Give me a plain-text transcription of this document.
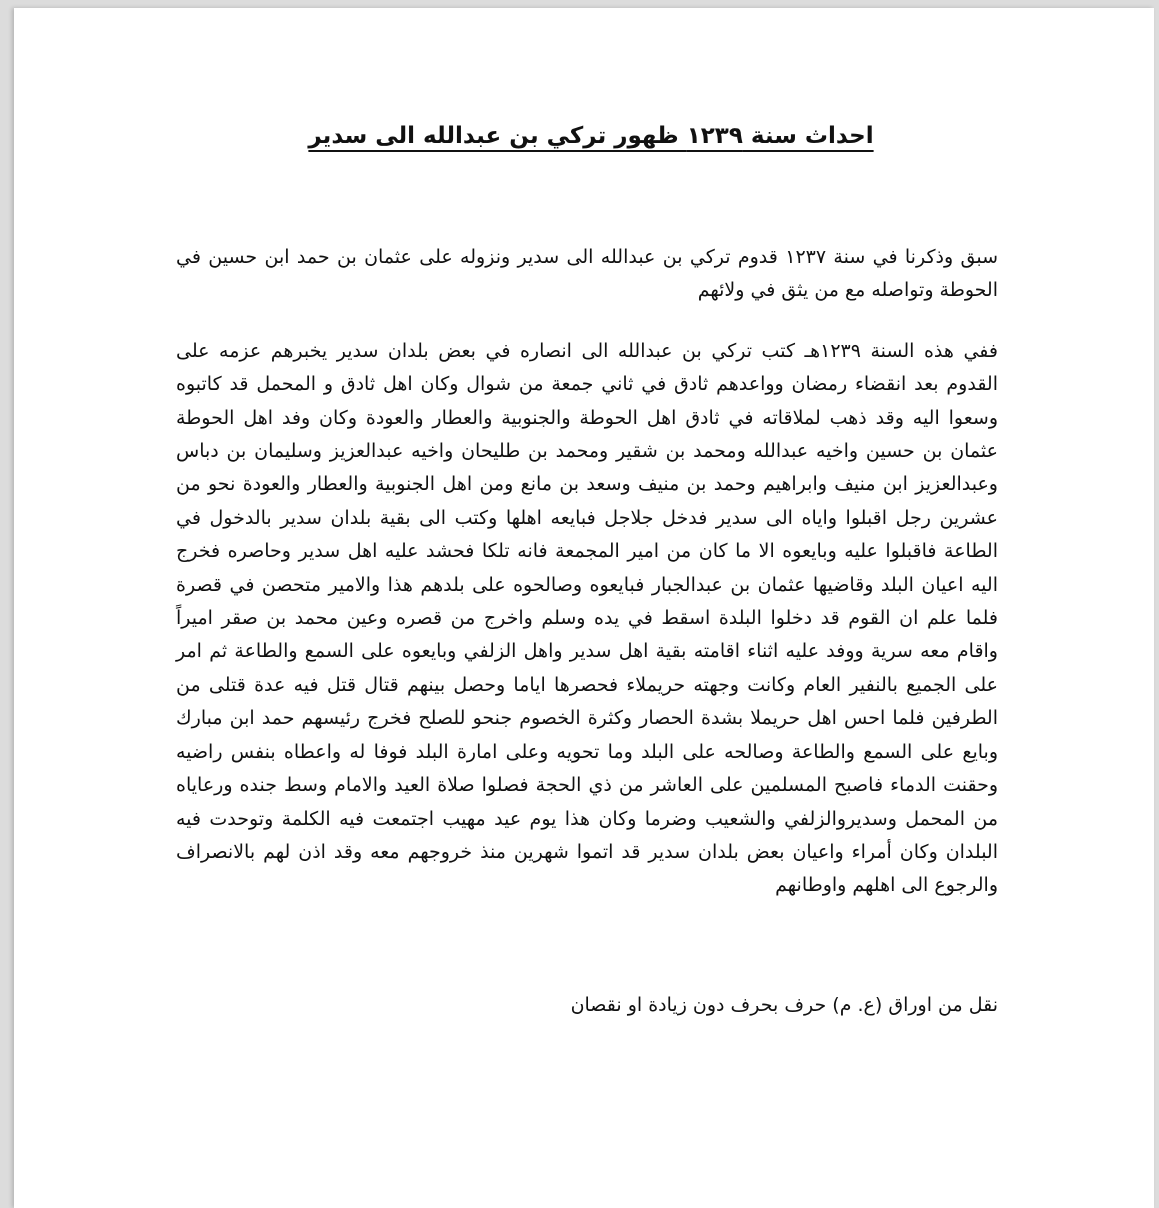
احداث سنة ١٢٣٩ ظهور تركي بن عبدالله الى سدير

سبق وذكرنا في سنة ١٢٣٧ قدوم تركي بن عبدالله الى سدير ونزوله على عثمان بن حمد ابن حسين في الحوطة وتواصله مع من يثق في ولائهم

ففي هذه السنة ١٢٣٩هـ كتب تركي بن عبدالله الى انصاره في بعض بلدان سدير يخبرهم عزمه على القدوم بعد انقضاء رمضان وواعدهم ثادق في ثاني جمعة من شوال وكان اهل ثادق و المحمل قد كاتبوه وسعوا اليه وقد ذهب لملاقاته في ثادق اهل الحوطة والجنوبية والعطار والعودة وكان وفد اهل الحوطة عثمان بن حسين واخيه عبدالله ومحمد بن شقير ومحمد بن طليحان واخيه عبدالعزيز وسليمان بن دباس وعبدالعزيز ابن منيف وابراهيم وحمد بن منيف وسعد بن مانع ومن اهل الجنوبية والعطار والعودة نحو من عشرين رجل اقبلوا واياه الى سدير فدخل جلاجل فبايعه اهلها وكتب الى بقية بلدان سدير بالدخول في الطاعة فاقبلوا عليه وبايعوه الا ما كان من امير المجمعة فانه تلكا فحشد عليه اهل سدير وحاصره فخرج اليه اعيان البلد وقاضيها عثمان بن عبدالجبار فبايعوه وصالحوه على بلدهم هذا والامير متحصن في قصرة فلما علم ان القوم قد دخلوا البلدة اسقط في يده وسلم واخرج من قصره وعين محمد بن صقر اميراً واقام معه سرية ووفد عليه اثناء اقامته بقية اهل سدير واهل الزلفي وبايعوه على السمع والطاعة ثم امر على الجميع بالنفير العام وكانت وجهته حريملاء فحصرها اياما وحصل بينهم قتال قتل فيه عدة قتلى من الطرفين فلما احس اهل حريملا بشدة الحصار وكثرة الخصوم جنحو للصلح فخرج رئيسهم حمد ابن مبارك وبايع على السمع والطاعة وصالحه على البلد وما تحويه وعلى امارة البلد فوفا له واعطاه بنفس راضيه وحقنت الدماء فاصبح المسلمين على العاشر من ذي الحجة فصلوا صلاة العيد والامام وسط جنده ورعاياه من المحمل وسديروالزلفي والشعيب وضرما وكان هذا يوم عيد مهيب اجتمعت فيه الكلمة وتوحدت فيه البلدان وكان أمراء واعيان بعض بلدان سدير قد اتموا شهرين منذ خروجهم معه وقد اذن لهم بالانصراف والرجوع الى اهلهم واوطانهم

نقل من اوراق (ع. م) حرف بحرف دون زيادة او نقصان
